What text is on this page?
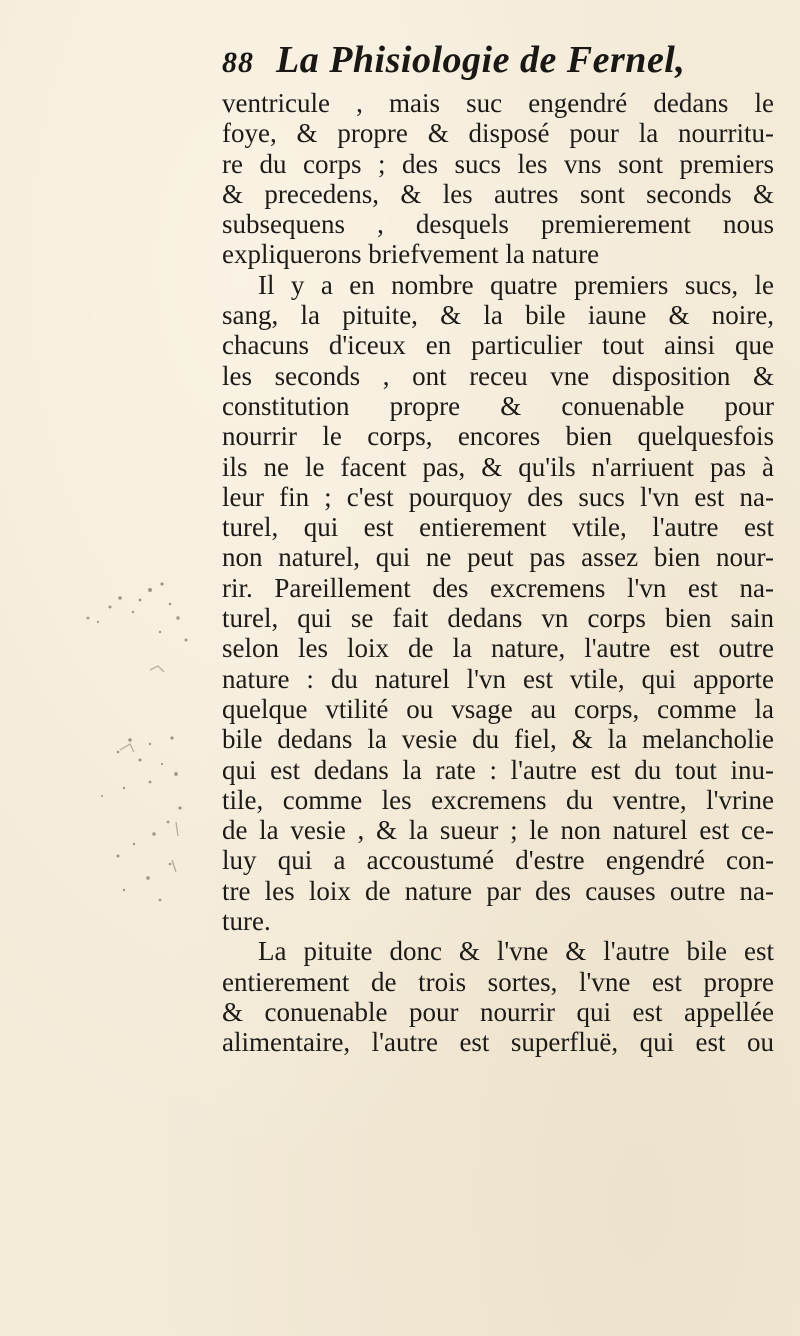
88 La Phisiologie de Fernel,
ventricule , mais suc engendré dedans le
foye, & propre & disposé pour la nourritu-
re du corps ; des sucs les vns sont premiers
& precedens, & les autres sont seconds &
subsequens , desquels premierement nous
expliquerons briefvement la nature
Il y a en nombre quatre premiers sucs, le
sang, la pituite, & la bile iaune & noire,
chacuns d'iceux en particulier tout ainsi que
les seconds , ont receu vne disposition &
constitution propre & conuenable pour
nourrir le corps, encores bien quelquesfois
ils ne le facent pas, & qu'ils n'arriuent pas à
leur fin ; c'est pourquoy des sucs l'vn est na-
turel, qui est entierement vtile, l'autre est
non naturel, qui ne peut pas assez bien nour-
rir. Pareillement des excremens l'vn est na-
turel, qui se fait dedans vn corps bien sain
selon les loix de la nature, l'autre est outre
nature : du naturel l'vn est vtile, qui apporte
quelque vtilité ou vsage au corps, comme la
bile dedans la vesie du fiel, & la melancholie
qui est dedans la rate : l'autre est du tout inu-
tile, comme les excremens du ventre, l'vrine
de la vesie , & la sueur ; le non naturel est ce-
luy qui a accoustumé d'estre engendré con-
tre les loix de nature par des causes outre na-
ture.
La pituite donc & l'vne & l'autre bile est
entierement de trois sortes, l'vne est propre
& conuenable pour nourrir qui est appellée
alimentaire, l'autre est superfluë, qui est ou
